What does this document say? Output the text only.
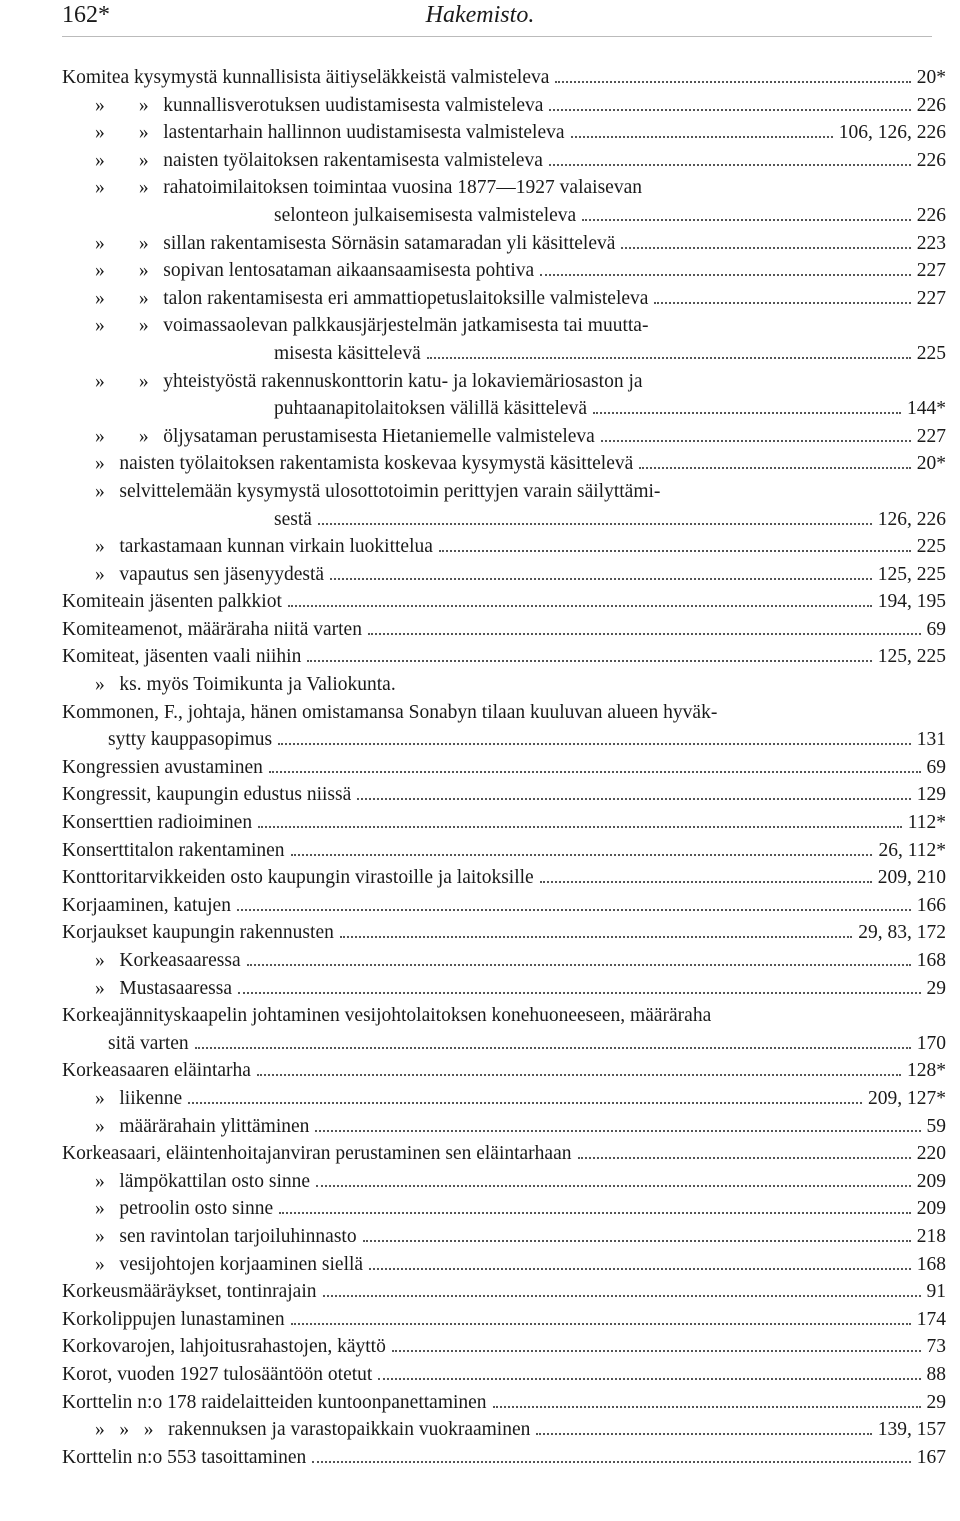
162*	Hakemisto.
Komitea kysymystä kunnallisista äitiyseläkkeistä valmisteleva	20*
»       »   kunnallisverotuksen uudistamisesta valmisteleva	226
»       »   lastentarhain hallinnon uudistamisesta valmisteleva	106, 126, 226
»       »   naisten työlaitoksen rakentamisesta valmisteleva	226
»       »   rahatoimilaitoksen toimintaa vuosina 1877—1927 valaisevan
selonteon julkaisemisesta valmisteleva	226
»       »   sillan rakentamisesta Sörnäsin satamaradan yli käsittelevä	223
»       »   sopivan lentosataman aikaansaamisesta pohtiva	227
»       »   talon rakentamisesta eri ammattiopetuslaitoksille valmisteleva	227
»       »   voimassaolevan palkkausjärjestelmän jatkamisesta tai muutta-
misesta käsittelevä	225
»       »   yhteistyöstä rakennuskonttorin katu- ja lokaviemäriosaston ja
puhtaanapitolaitoksen välillä käsittelevä	144*
»       »   öljysataman perustamisesta Hietaniemelle valmisteleva	227
»   naisten työlaitoksen rakentamista koskevaa kysymystä käsittelevä	20*
»   selvittelemään kysymystä ulosottotoimin perittyjen varain säilyttämi-
sestä	126, 226
»   tarkastamaan kunnan virkain luokittelua	225
»   vapautus sen jäsenyydestä	125, 225
Komiteain jäsenten palkkiot	194, 195
Komiteamenot, määräraha niitä varten	69
Komiteat, jäsenten vaali niihin	125, 225
»   ks. myös Toimikunta ja Valiokunta.
Kommonen, F., johtaja, hänen omistamansa Sonabyn tilaan kuuluvan alueen hyväk-
sytty kauppasopimus	131
Kongressien avustaminen	69
Kongressit, kaupungin edustus niissä	129
Konserttien radioiminen	112*
Konserttitalon rakentaminen	26, 112*
Konttoritarvikkeiden osto kaupungin virastoille ja laitoksille	209, 210
Korjaaminen, katujen	166
Korjaukset kaupungin rakennusten	29, 83, 172
»   Korkeasaaressa	168
»   Mustasaaressa	29
Korkeajännityskaapelin johtaminen vesijohtolaitoksen konehuoneeseen, määräraha
sitä varten	170
Korkeasaaren eläintarha	128*
»   liikenne	209, 127*
»   määrärahain ylittäminen	59
Korkeasaari, eläintenhoitajanviran perustaminen sen eläintarhaan	220
»   lämpökattilan osto sinne	209
»   petroolin osto sinne	209
»   sen ravintolan tarjoiluhinnasto	218
»   vesijohtojen korjaaminen siellä	168
Korkeusmääräykset, tontinrajain	91
Korkolippujen lunastaminen	174
Korkovarojen, lahjoitusrahastojen, käyttö	73
Korot, vuoden 1927 tulosääntöön otetut	88
Korttelin n:o 178 raidelaitteiden kuntoonpanettaminen	29
»   »   »   rakennuksen ja varastopaikkain vuokraaminen	139, 157
Korttelin n:o 553 tasoittaminen	167
